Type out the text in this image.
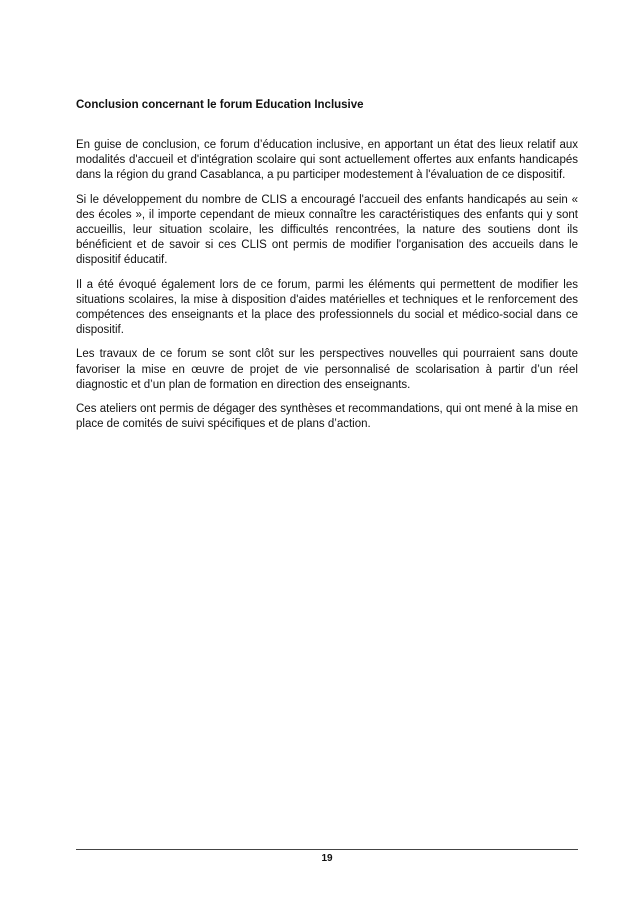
Conclusion concernant le forum Education Inclusive

En guise de conclusion, ce forum d’éducation inclusive, en apportant un état des lieux relatif aux modalités d'accueil et d'intégration scolaire qui sont actuellement offertes aux enfants handicapés dans la région du grand Casablanca, a pu participer modestement à l'évaluation de ce dispositif.

Si le développement du nombre de CLIS a encouragé l'accueil des enfants handicapés au sein « des écoles », il importe cependant de mieux connaître les caractéristiques des enfants qui y sont accueillis, leur situation scolaire, les difficultés rencontrées, la nature des soutiens dont ils bénéficient et de savoir si ces CLIS ont permis de modifier l'organisation des accueils dans le dispositif éducatif.

Il a été évoqué également lors de ce forum, parmi les éléments qui permettent de modifier les situations scolaires, la mise à disposition d'aides matérielles et techniques et le renforcement des compétences des enseignants et la place des professionnels du social et médico-social dans ce dispositif.

Les travaux de ce forum se sont clôt sur les perspectives nouvelles qui pourraient sans doute favoriser la mise en œuvre de projet de vie personnalisé de scolarisation à partir d’un réel diagnostic et d’un plan de formation en direction des enseignants.

Ces ateliers ont permis de dégager des synthèses et recommandations, qui ont mené à la mise en place de comités de suivi spécifiques et de plans d’action.

19
